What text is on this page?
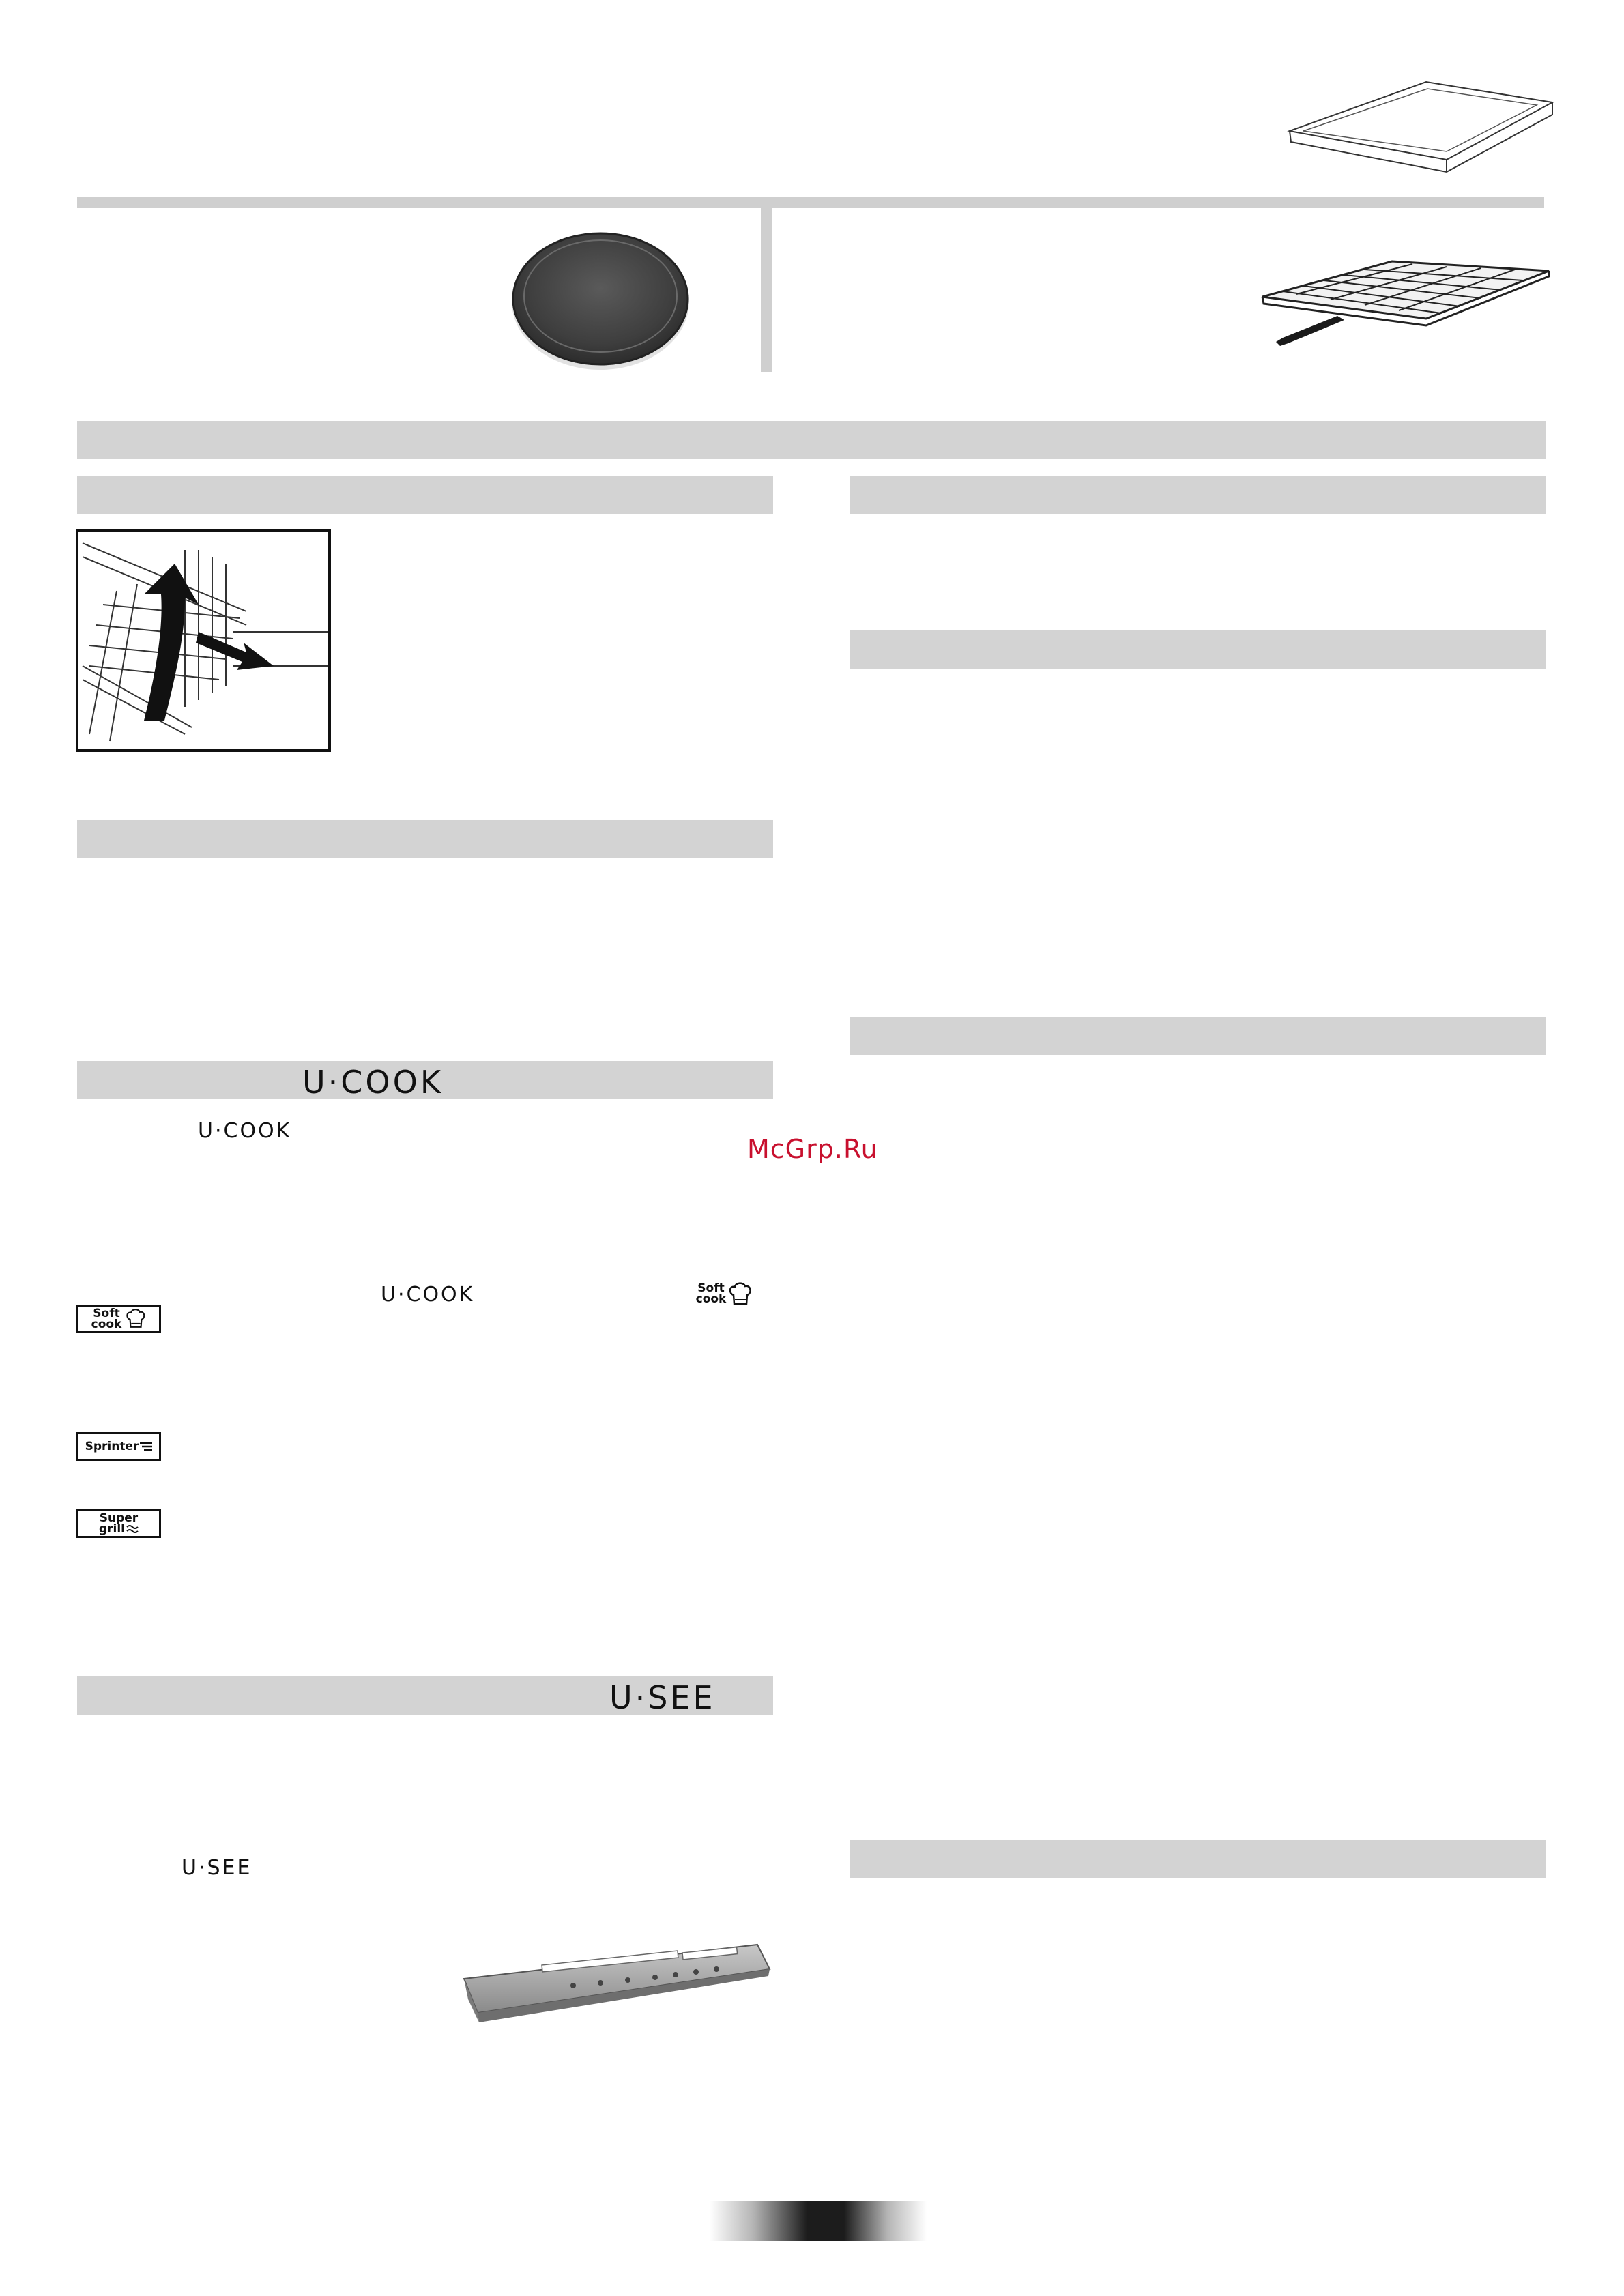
U·COOK
McGrp.Ru
U·COOK
U·COOK	Soft
cook
Soft
cook
Sprinter
Super
grill
U·SEE
U·SEE
